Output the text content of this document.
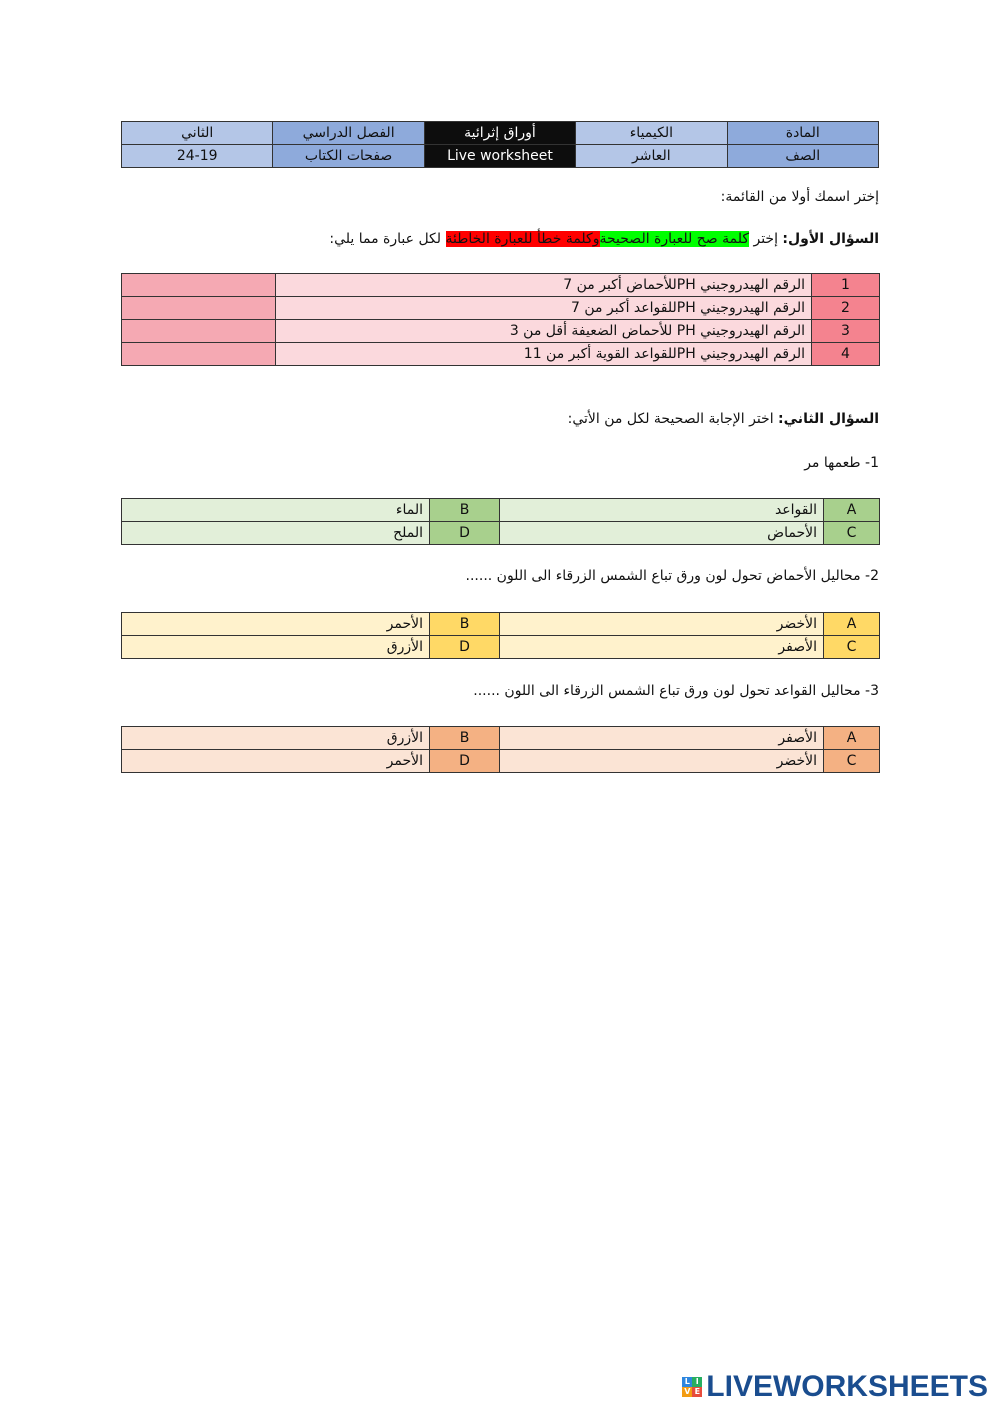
الثاني	الفصل الدراسي	أوراق إثرائية	الكيمياء	المادة
24-19	صفحات الكتاب	Live worksheet	العاشر	الصف
إختر اسمك أولا من القائمة:
السؤال الأول: إختر كلمة صح للعبارة الصحيحةوكلمة خطأ للعبارة الخاطئة لكل عبارة مما يلي:
	الرقم الهيدروجيني PHللأحماض أكبر من 7	1
	الرقم الهيدروجيني PHللقواعد أكبر من 7	2
	الرقم الهيدروجيني PH للأحماض الضعيفة أقل من 3	3
	الرقم الهيدروجيني PHللقواعد القوية أكبر من 11	4
السؤال الثاني: اختر الإجابة الصحيحة لكل من الأتي:
1- طعمها مر
الماء	B	القواعد	A
الملح	D	الأحماض	C
2- محاليل الأحماض تحول لون ورق تباع الشمس الزرقاء الى اللون ......
الأحمر	B	الأخضر	A
الأزرق	D	الأصفر	C
3- محاليل القواعد تحول لون ورق تباع الشمس الزرقاء الى اللون ......
الأزرق	B	الأصفر	A
الأحمر	D	الأخضر	C
L I
V E LIVEWORKSHEETS
